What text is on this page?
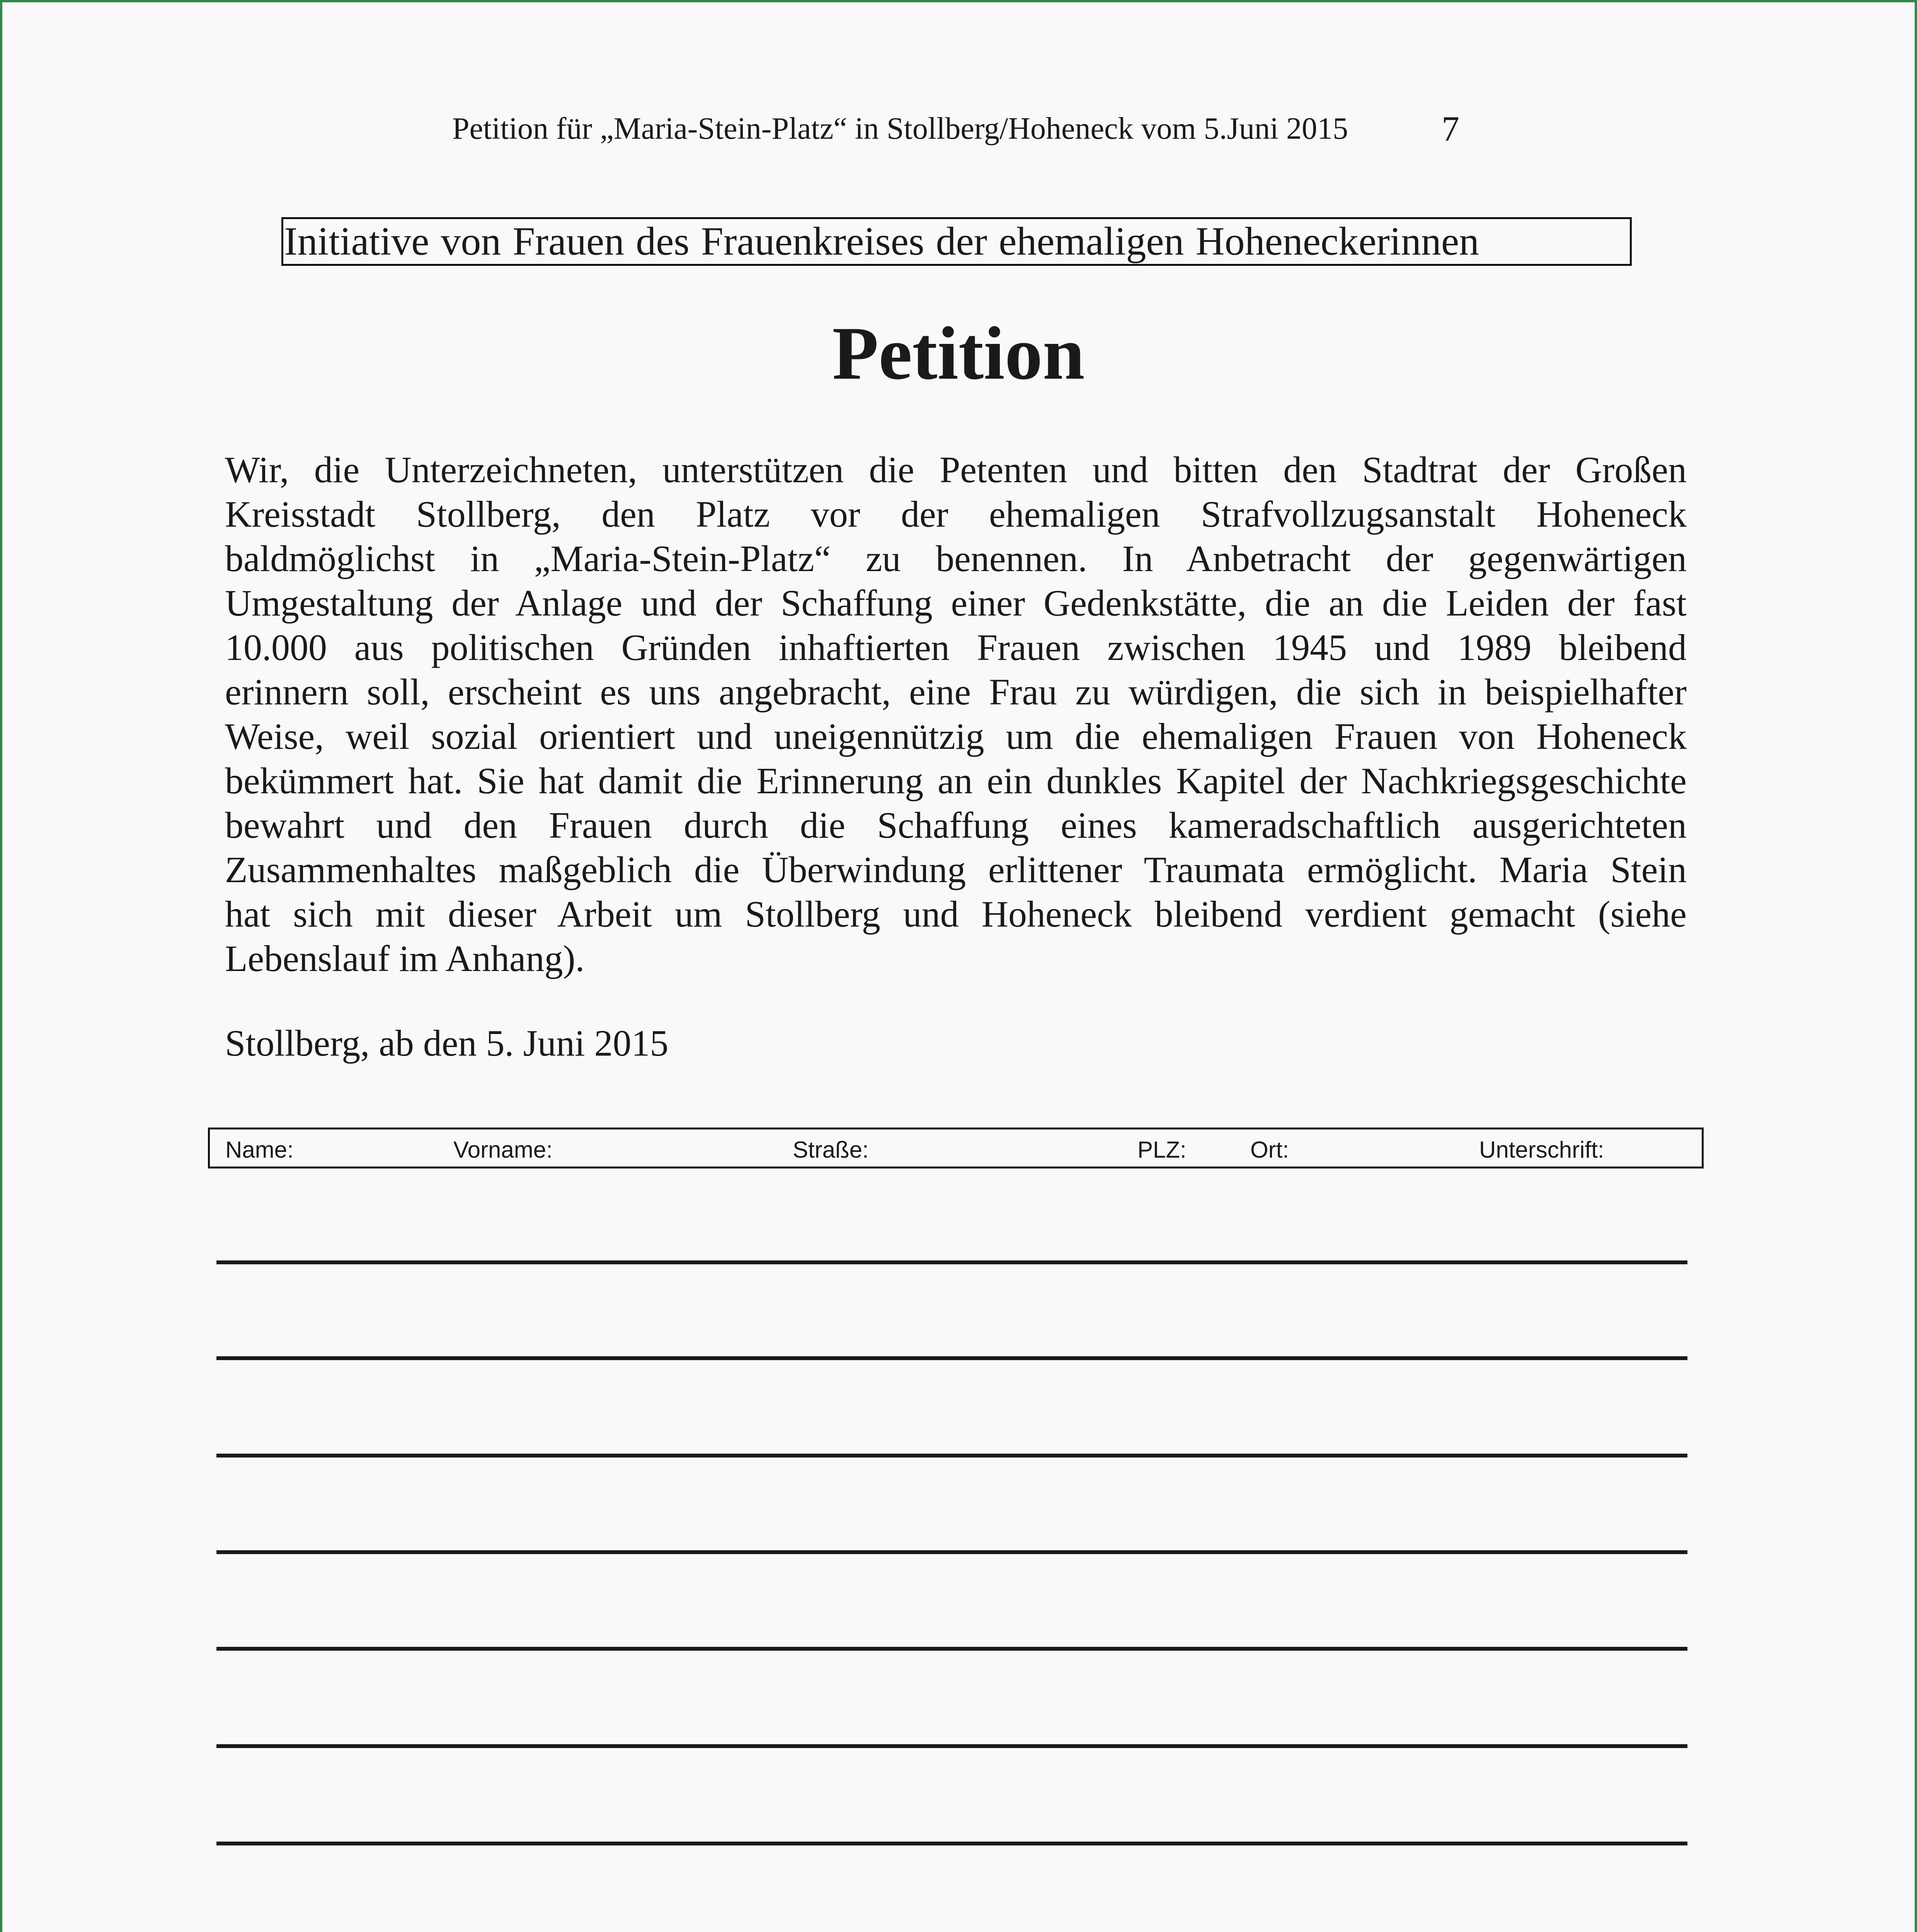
Petition für „Maria-Stein-Platz“ in Stollberg/Hoheneck vom 5.Juni 2015	7
Initiative von Frauen des Frauenkreises der ehemaligen Hoheneckerinnen
Petition
Wir, die Unterzeichneten, unterstützen die Petenten und bitten den Stadtrat der Großen
Kreisstadt Stollberg, den Platz vor der ehemaligen Strafvollzugsanstalt Hoheneck
baldmöglichst in „Maria-Stein-Platz“ zu benennen. In Anbetracht der gegenwärtigen
Umgestaltung der Anlage und der Schaffung einer Gedenkstätte, die an die Leiden der fast
10.000 aus politischen Gründen inhaftierten Frauen zwischen 1945 und 1989 bleibend
erinnern soll, erscheint es uns angebracht, eine Frau zu würdigen, die sich in beispielhafter
Weise, weil sozial orientiert und uneigennützig um die ehemaligen Frauen von Hoheneck
bekümmert hat. Sie hat damit die Erinnerung an ein dunkles Kapitel der Nachkriegsgeschichte
bewahrt und den Frauen durch die Schaffung eines kameradschaftlich ausgerichteten
Zusammenhaltes maßgeblich die Überwindung erlittener Traumata ermöglicht. Maria Stein
hat sich mit dieser Arbeit um Stollberg und Hoheneck bleibend verdient gemacht (siehe
Lebenslauf im Anhang).
Stollberg, ab den 5. Juni 2015
Name:	Vorname:	Straße:	PLZ:	Ort:	Unterschrift:
